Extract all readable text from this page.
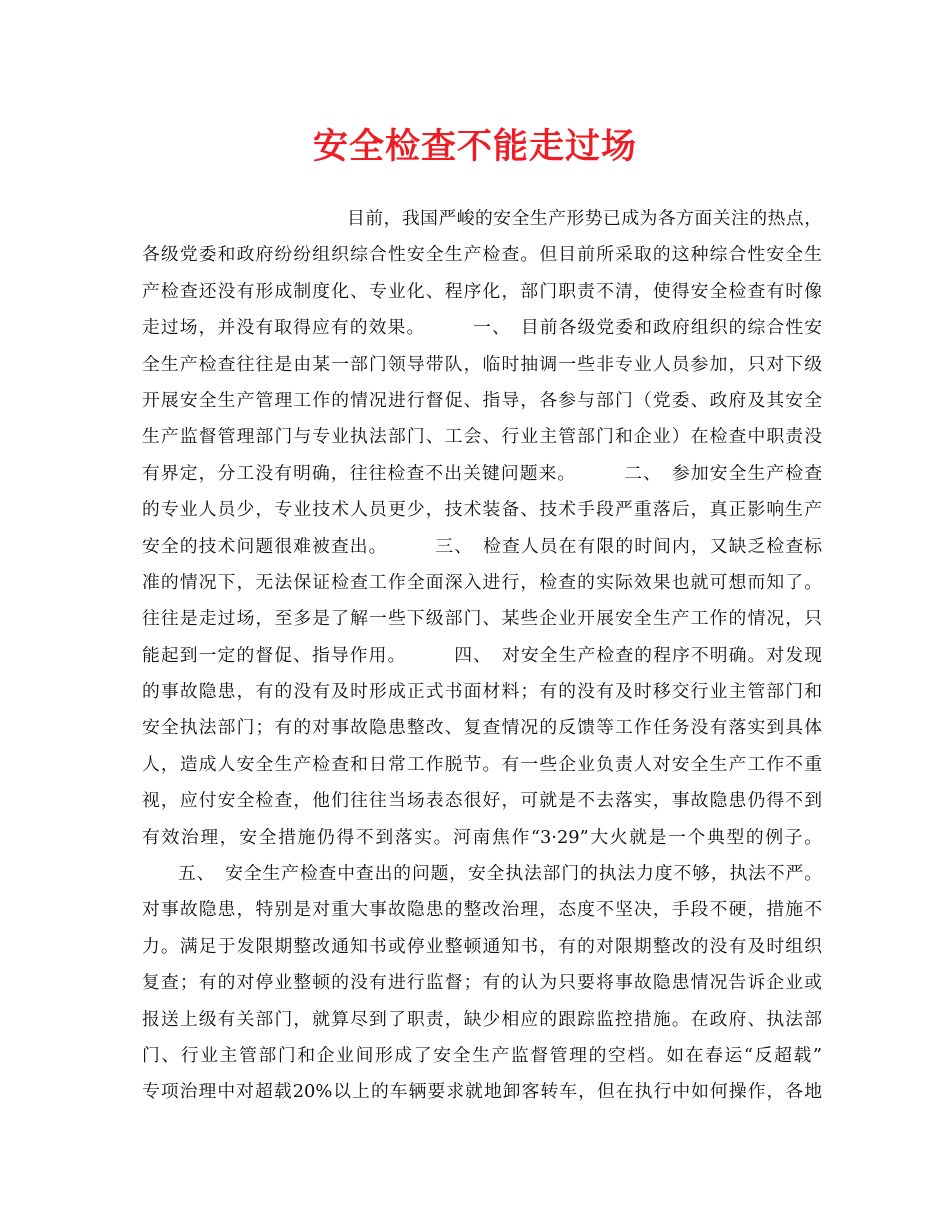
安全检查不能走过场
目前，我国严峻的安全生产形势已成为各方面关注的热点，
各级党委和政府纷纷组织综合性安全生产检查。但目前所采取的这种综合性安全生
产检查还没有形成制度化、专业化、程序化，部门职责不清，使得安全检查有时像
走过场，并没有取得应有的效果。　　　一、　目前各级党委和政府组织的综合性安
全生产检查往往是由某一部门领导带队，临时抽调一些非专业人员参加，只对下级
开展安全生产管理工作的情况进行督促、指导，各参与部门（党委、政府及其安全
生产监督管理部门与专业执法部门、工会、行业主管部门和企业）在检查中职责没
有界定，分工没有明确，往往检查不出关键问题来。　　　二、　参加安全生产检查
的专业人员少，专业技术人员更少，技术装备、技术手段严重落后，真正影响生产
安全的技术问题很难被查出。　　　三、　检查人员在有限的时间内，又缺乏检查标
准的情况下，无法保证检查工作全面深入进行，检查的实际效果也就可想而知了。
往往是走过场，至多是了解一些下级部门、某些企业开展安全生产工作的情况，只
能起到一定的督促、指导作用。　　　四、　对安全生产检查的程序不明确。对发现
的事故隐患，有的没有及时形成正式书面材料；有的没有及时移交行业主管部门和
安全执法部门；有的对事故隐患整改、复查情况的反馈等工作任务没有落实到具体
人，造成人安全生产检查和日常工作脱节。有一些企业负责人对安全生产工作不重
视，应付安全检查，他们往往当场表态很好，可就是不去落实，事故隐患仍得不到
有效治理，安全措施仍得不到落实。河南焦作“3·29”大火就是一个典型的例子。
五、　安全生产检查中查出的问题，安全执法部门的执法力度不够，执法不严。
对事故隐患，特别是对重大事故隐患的整改治理，态度不坚决，手段不硬，措施不
力。满足于发限期整改通知书或停业整顿通知书，有的对限期整改的没有及时组织
复查；有的对停业整顿的没有进行监督；有的认为只要将事故隐患情况告诉企业或
报送上级有关部门，就算尽到了职责，缺少相应的跟踪监控措施。在政府、执法部
门、行业主管部门和企业间形成了安全生产监督管理的空档。如在春运“反超载”
专项治理中对超载20%以上的车辆要求就地卸客转车，但在执行中如何操作，各地
